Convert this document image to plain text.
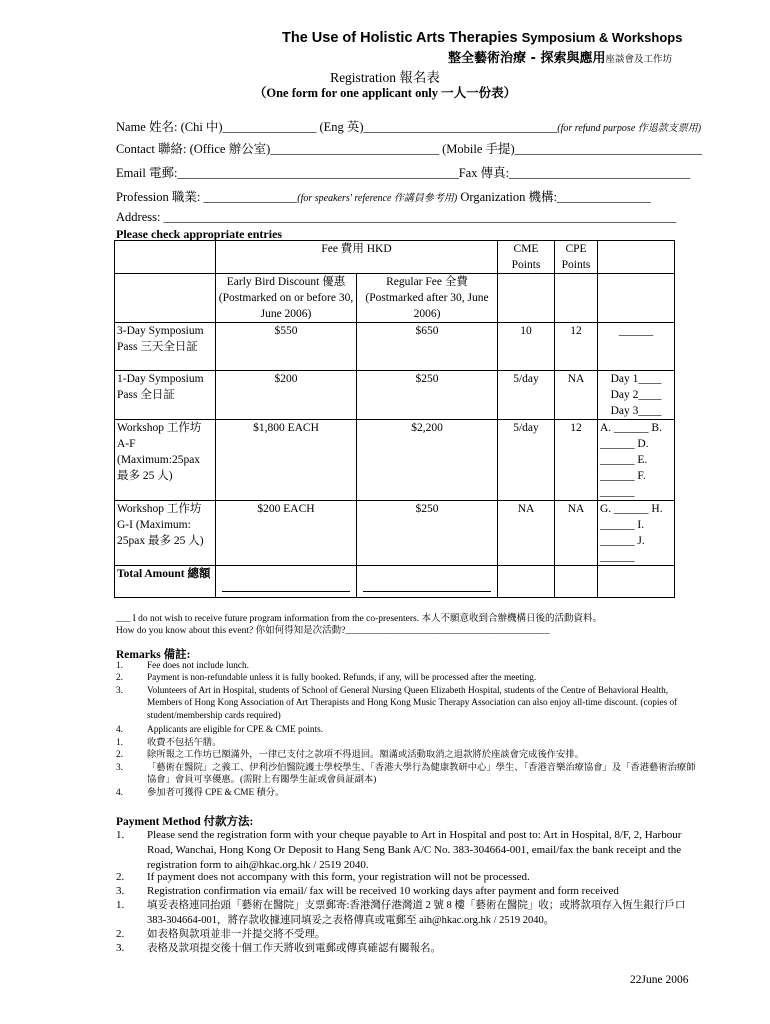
The Use of Holistic Arts Therapies Symposium & Workshops
整全藝術治療 - 探索與應用座談會及工作坊
Registration 報名表
（One form for one applicant only 一人一份表）
Name 姓名: (Chi 中)_______________ (Eng 英)_______________________________(for refund purpose 作退款支票用)
Contact 聯絡: (Office 辦公室)___________________________ (Mobile 手提)______________________________
Email 電郵:_____________________________________________Fax 傳真:_____________________________
Profession 職業: _______________(for speakers' reference 作講員參考用) Organization 機構:_______________
Address: __________________________________________________________________________________
Please check appropriate entries
	Fee 費用 HKD		CME Points	CPE Points	
	Early Bird Discount 優惠 (Postmarked on or before 30, June 2006)	Regular Fee 全費 (Postmarked after 30, June 2006)			
3-Day Symposium Pass 三天全日証	$550	$650	10	12	______
1-Day Symposium Pass 全日証	$200	$250	5/day	NA	Day 1____ Day 2____ Day 3____
Workshop 工作坊 A-F (Maximum:25pax 最多 25 人)	$1,800 EACH	$2,200	5/day	12	A. ______ B. ______ D. ______ E. ______ F. ______
Workshop 工作坊 G-I (Maximum: 25pax 最多 25 人)	$200 EACH	$250	NA	NA	G. ______ H. ______ I. ______ J. ______
Total Amount 總額					
___ I do not wish to receive future program information from the co-presenters. 本人不願意收到合辦機構日後的活動資料。
How do you know about this event? 你如何得知是次活動?___________________________________________
Remarks 備註:
1.	Fee does not include lunch.
2.	Payment is non-refundable unless it is fully booked. Refunds, if any, will be processed after the meeting.
3.	Volunteers of Art in Hospital, students of School of General Nursing Queen Elizabeth Hospital, students of the Centre of Behavioral Health, Members of Hong Kong Association of Art Therapists and Hong Kong Music Therapy Association can also enjoy all-time discount. (copies of student/membership cards required)
4.	Applicants are eligible for CPE & CME points.
1.	收費不包括午膳。
2.	除所報之工作坊已額滿外，一律已支付之款項不得退回。額滿或活動取消之退款將於座談會完成後作安排。
3.	「藝術在醫院」之義工、伊利沙伯醫院護士學校學生、「香港大學行為健康教研中心」學生、「香港音樂治療協會」及「香港藝術治療師協會」會員可享優惠。(需附上有關學生証或會員証副本)
4.	參加者可獲得 CPE & CME 積分。
Payment Method 付款方法:
1. Please send the registration form with your cheque payable to Art in Hospital and post to: Art in Hospital, 8/F, 2, Harbour Road, Wanchai, Hong Kong Or Deposit to Hang Seng Bank A/C No. 383-304664-001, email/fax the bank receipt and the registration form to aih@hkac.org.hk / 2519 2040.
2. If payment does not accompany with this form, your registration will not be processed.
3. Registration confirmation via email/ fax will be received 10 working days after payment and form received
1. 填妥表格連同抬頭「藝術在醫院」支票郵寄:香港灣仔港灣道 2 號 8 樓「藝術在醫院」收；或將款項存入恆生銀行戶口 383-304664-001，將存款收據連同填妥之表格傳真或電郵至 aih@hkac.org.hk / 2519 2040。
2. 如表格與款項並非一并提交將不受理。
3. 表格及款項提交後十個工作天將收到電郵或傳真確認有關報名。
22June 2006
